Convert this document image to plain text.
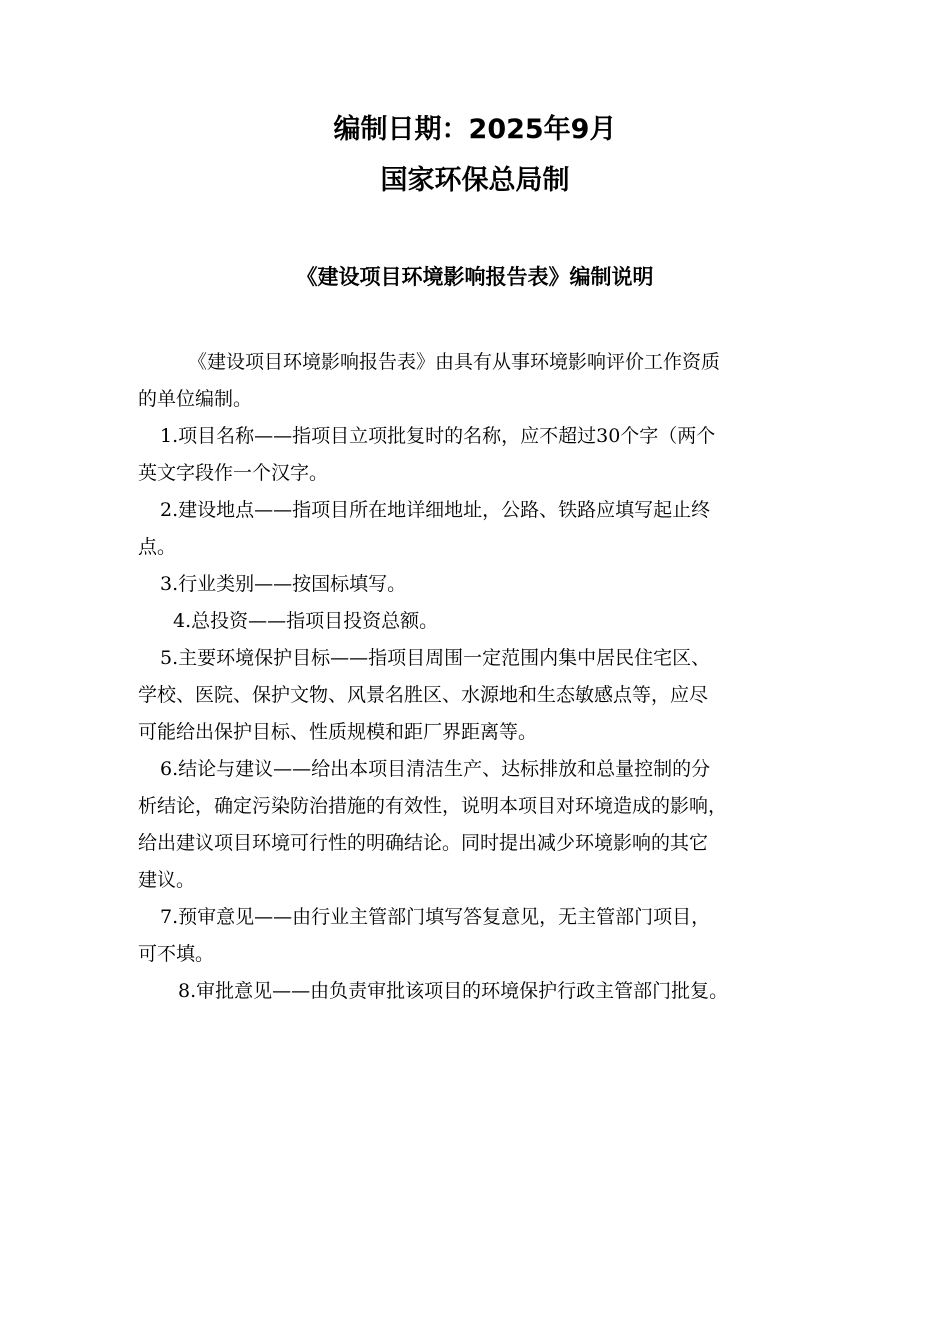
编制日期：2025年9月
国家环保总局制
《建设项目环境影响报告表》编制说明
《建设项目环境影响报告表》由具有从事环境影响评价工作资质
的单位编制。
1.项目名称——指项目立项批复时的名称，应不超过30个字（两个
英文字段作一个汉字。
2.建设地点——指项目所在地详细地址，公路、铁路应填写起止终
点。
3.行业类别——按国标填写。
4.总投资——指项目投资总额。
5.主要环境保护目标——指项目周围一定范围内集中居民住宅区、
学校、医院、保护文物、风景名胜区、水源地和生态敏感点等，应尽
可能给出保护目标、性质规模和距厂界距离等。
6.结论与建议——给出本项目清洁生产、达标排放和总量控制的分
析结论，确定污染防治措施的有效性，说明本项目对环境造成的影响，
给出建议项目环境可行性的明确结论。同时提出减少环境影响的其它
建议。
7.预审意见——由行业主管部门填写答复意见，无主管部门项目，
可不填。
8.审批意见——由负责审批该项目的环境保护行政主管部门批复。
